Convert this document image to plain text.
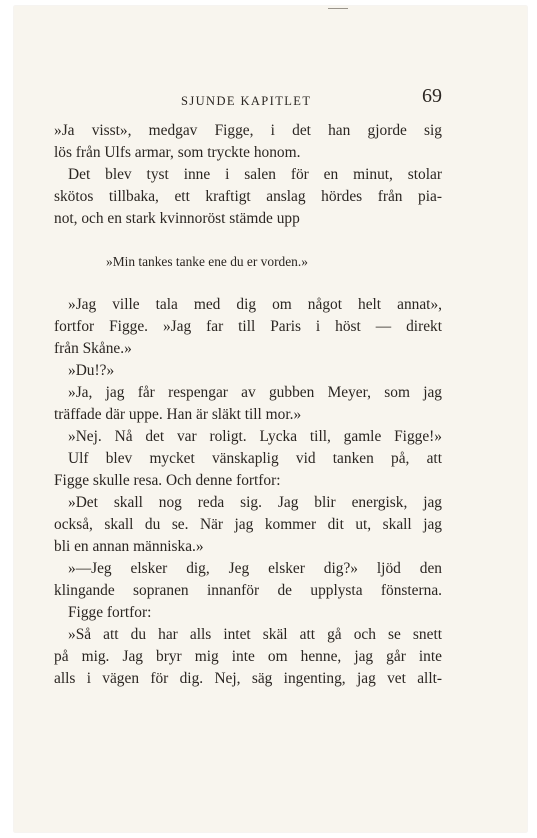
SJUNDE KAPITLET	69
»Ja visst», medgav Figge, i det han gjorde sig
lös från Ulfs armar, som tryckte honom.
Det blev tyst inne i salen för en minut, stolar
skötos tillbaka, ett kraftigt anslag hördes från pia-
not, och en stark kvinnoröst stämde upp
»Min tankes tanke ene du er vorden.»
»Jag ville tala med dig om något helt annat»,
fortfor Figge. »Jag far till Paris i höst — direkt
från Skåne.»
»Du!?»
»Ja, jag får respengar av gubben Meyer, som jag
träffade där uppe. Han är släkt till mor.»
»Nej. Nå det var roligt. Lycka till, gamle Figge!»
Ulf blev mycket vänskaplig vid tanken på, att
Figge skulle resa. Och denne fortfor:
»Det skall nog reda sig. Jag blir energisk, jag
också, skall du se. När jag kommer dit ut, skall jag
bli en annan människa.»
»—Jeg elsker dig, Jeg elsker dig?» ljöd den
klingande sopranen innanför de upplysta fönsterna.
Figge fortfor:
»Så att du har alls intet skäl att gå och se snett
på mig. Jag bryr mig inte om henne, jag går inte
alls i vägen för dig. Nej, säg ingenting, jag vet allt-
